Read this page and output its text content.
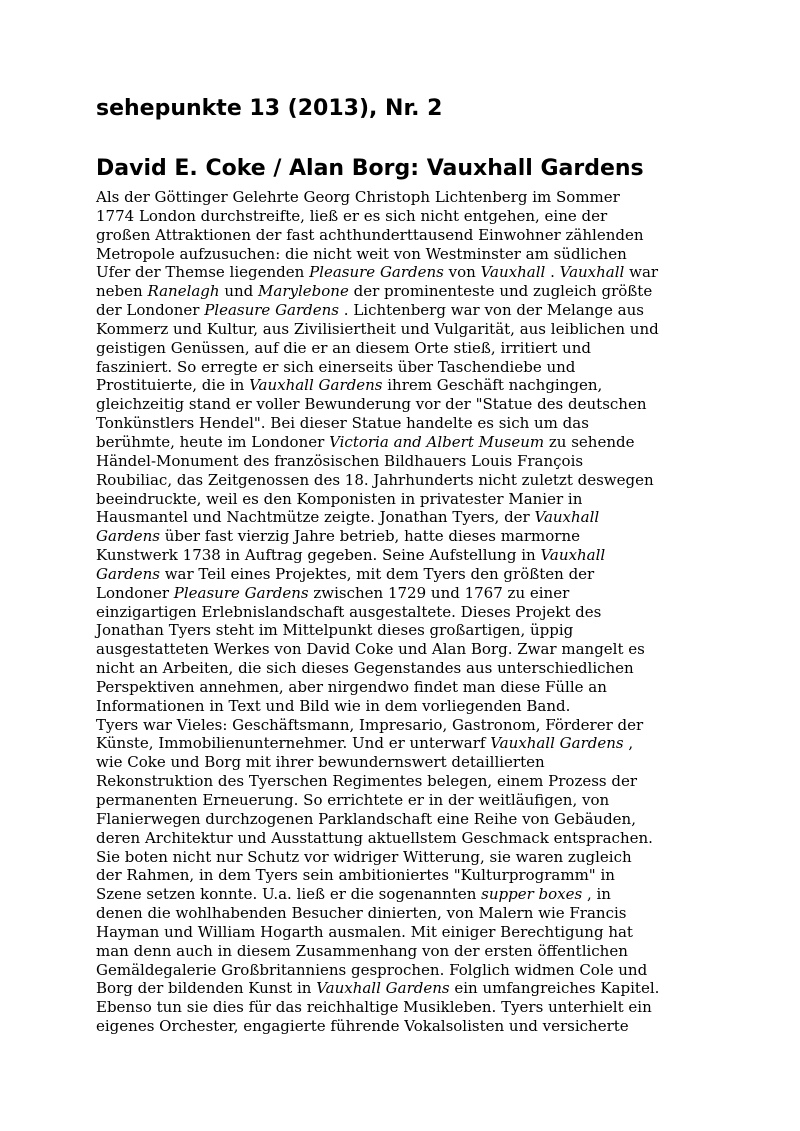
sehepunkte 13 (2013), Nr. 2
David E. Coke / Alan Borg: Vauxhall Gardens
Als der Göttinger Gelehrte Georg Christoph Lichtenberg im Sommer
1774 London durchstreifte, ließ er es sich nicht entgehen, eine der
großen Attraktionen der fast achthunderttausend Einwohner zählenden
Metropole aufzusuchen: die nicht weit von Westminster am südlichen
Ufer der Themse liegenden Pleasure Gardens von Vauxhall . Vauxhall war
neben Ranelagh und Marylebone der prominenteste und zugleich größte
der Londoner Pleasure Gardens . Lichtenberg war von der Melange aus
Kommerz und Kultur, aus Zivilisiertheit und Vulgarität, aus leiblichen und
geistigen Genüssen, auf die er an diesem Orte stieß, irritiert und
fasziniert. So erregte er sich einerseits über Taschendiebe und
Prostituierte, die in Vauxhall Gardens ihrem Geschäft nachgingen,
gleichzeitig stand er voller Bewunderung vor der "Statue des deutschen
Tonkünstlers Hendel". Bei dieser Statue handelte es sich um das
berühmte, heute im Londoner Victoria and Albert Museum zu sehende
Händel-Monument des französischen Bildhauers Louis François
Roubiliac, das Zeitgenossen des 18. Jahrhunderts nicht zuletzt deswegen
beeindruckte, weil es den Komponisten in privatester Manier in
Hausmantel und Nachtmütze zeigte. Jonathan Tyers, der Vauxhall
Gardens über fast vierzig Jahre betrieb, hatte dieses marmorne
Kunstwerk 1738 in Auftrag gegeben. Seine Aufstellung in Vauxhall
Gardens war Teil eines Projektes, mit dem Tyers den größten der
Londoner Pleasure Gardens zwischen 1729 und 1767 zu einer
einzigartigen Erlebnislandschaft ausgestaltete. Dieses Projekt des
Jonathan Tyers steht im Mittelpunkt dieses großartigen, üppig
ausgestatteten Werkes von David Coke und Alan Borg. Zwar mangelt es
nicht an Arbeiten, die sich dieses Gegenstandes aus unterschiedlichen
Perspektiven annehmen, aber nirgendwo findet man diese Fülle an
Informationen in Text und Bild wie in dem vorliegenden Band.
Tyers war Vieles: Geschäftsmann, Impresario, Gastronom, Förderer der
Künste, Immobilienunternehmer. Und er unterwarf Vauxhall Gardens ,
wie Coke und Borg mit ihrer bewundernswert detaillierten
Rekonstruktion des Tyerschen Regimentes belegen, einem Prozess der
permanenten Erneuerung. So errichtete er in der weitläufigen, von
Flanierwegen durchzogenen Parklandschaft eine Reihe von Gebäuden,
deren Architektur und Ausstattung aktuellstem Geschmack entsprachen.
Sie boten nicht nur Schutz vor widriger Witterung, sie waren zugleich
der Rahmen, in dem Tyers sein ambitioniertes "Kulturprogramm" in
Szene setzen konnte. U.a. ließ er die sogenannten supper boxes , in
denen die wohlhabenden Besucher dinierten, von Malern wie Francis
Hayman und William Hogarth ausmalen. Mit einiger Berechtigung hat
man denn auch in diesem Zusammenhang von der ersten öffentlichen
Gemäldegalerie Großbritanniens gesprochen. Folglich widmen Cole und
Borg der bildenden Kunst in Vauxhall Gardens ein umfangreiches Kapitel.
Ebenso tun sie dies für das reichhaltige Musikleben. Tyers unterhielt ein
eigenes Orchester, engagierte führende Vokalsolisten und versicherte
